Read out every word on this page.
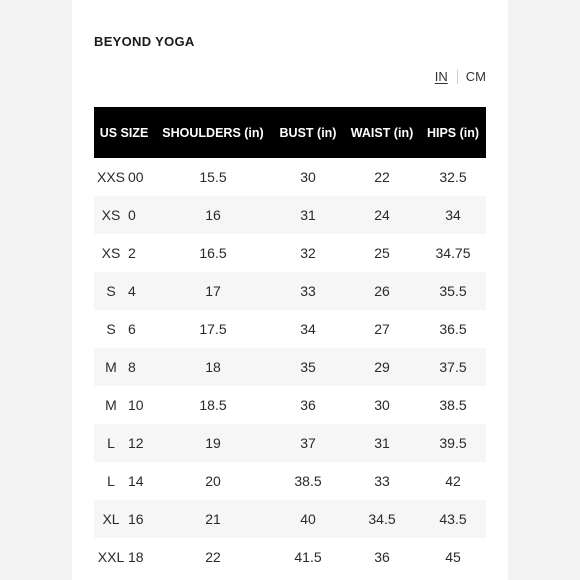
BEYOND YOGA
IN CM
US SIZE	SHOULDERS (in)	BUST (in)	WAIST (in)	HIPS (in)
XXS 00	15.5	30	22	32.5
XS 0	16	31	24	34
XS 2	16.5	32	25	34.75
S 4	17	33	26	35.5
S 6	17.5	34	27	36.5
M 8	18	35	29	37.5
M 10	18.5	36	30	38.5
L 12	19	37	31	39.5
L 14	20	38.5	33	42
XL 16	21	40	34.5	43.5
XXL 18	22	41.5	36	45
